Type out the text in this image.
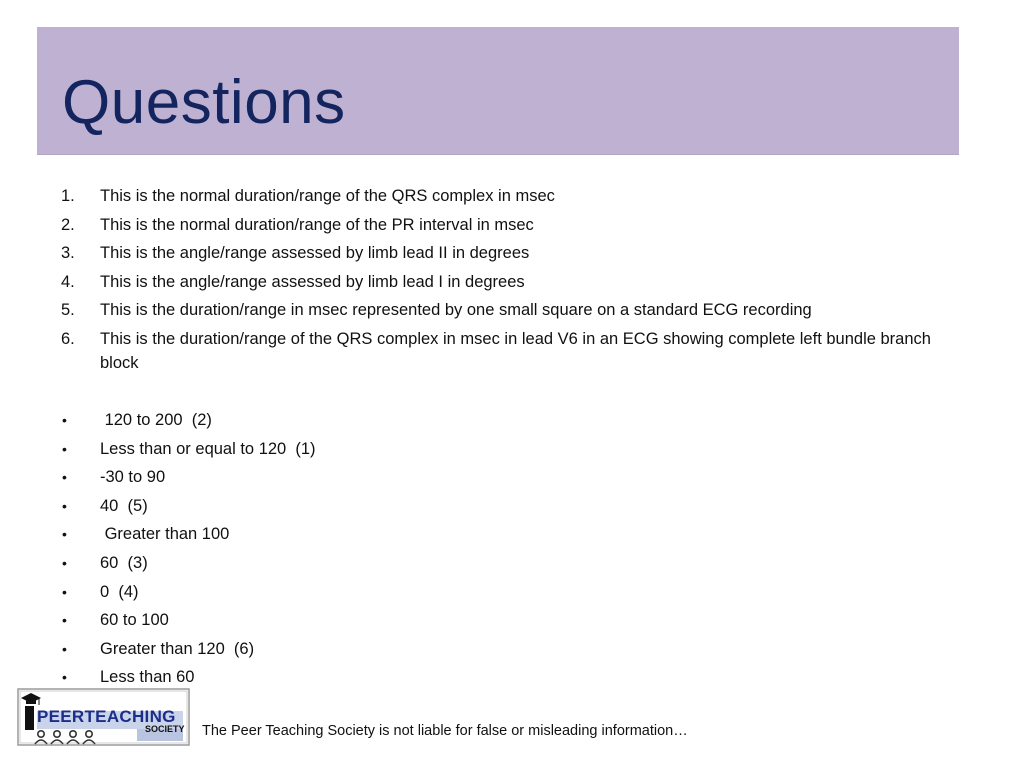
Questions
1.	This is the normal duration/range of the QRS complex in msec
2.	This is the normal duration/range of the PR interval in msec
3.	This is the angle/range assessed by limb lead II in degrees
4.	This is the angle/range assessed by limb lead I in degrees
5.	This is the duration/range in msec represented by one small square on a standard ECG recording
6.	This is the duration/range of the QRS complex in msec in lead V6 in an ECG showing complete left bundle branch block
•	120 to 200  (2)
•	Less than or equal to 120  (1)
•	-30 to 90
•	40  (5)
•	Greater than 100
•	60  (3)
•	0  (4)
•	60 to 100
•	Greater than 120  (6)
•	Less than 60
PEERTEACHING
SOCIETY The Peer Teaching Society is not liable for false or misleading information…
